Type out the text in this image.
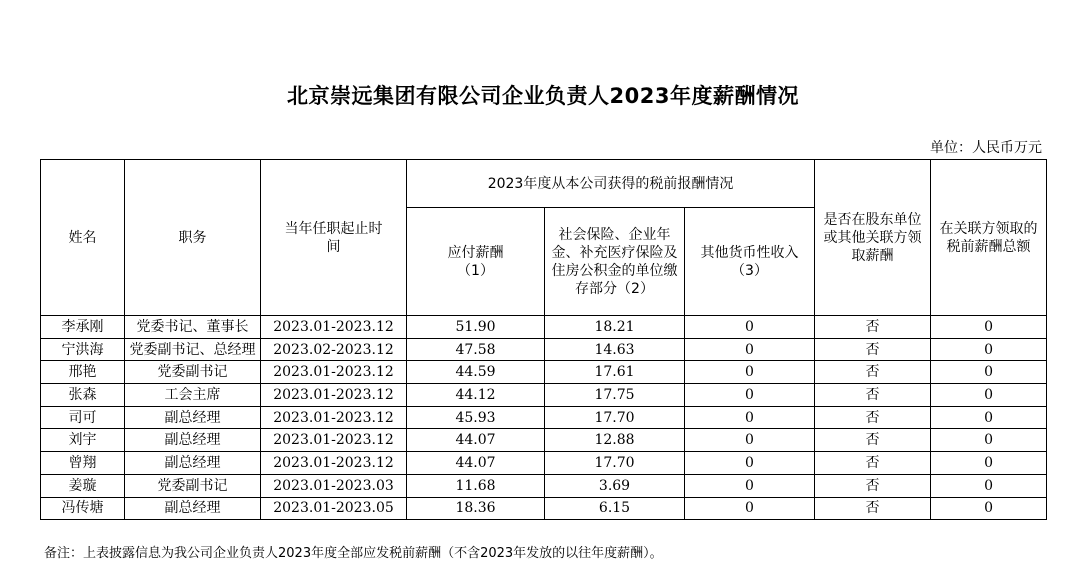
北京崇远集团有限公司企业负责人2023年度薪酬情况
单位：人民币万元
姓名	职务	当年任职起止时间	2023年度从本公司获得的税前报酬情况			是否在股东单位或其他关联方领取薪酬	在关联方领取的税前薪酬总额
			应付薪酬（1）	社会保险、企业年金、补充医疗保险及住房公积金的单位缴存部分（2）	其他货币性收入（3）		
李承刚	党委书记、董事长	2023.01-2023.12	51.90	18.21	0	否	0
宁洪海	党委副书记、总经理	2023.02-2023.12	47.58	14.63	0	否	0
邢艳	党委副书记	2023.01-2023.12	44.59	17.61	0	否	0
张森	工会主席	2023.01-2023.12	44.12	17.75	0	否	0
司可	副总经理	2023.01-2023.12	45.93	17.70	0	否	0
刘宇	副总经理	2023.01-2023.12	44.07	12.88	0	否	0
曾翔	副总经理	2023.01-2023.12	44.07	17.70	0	否	0
姜璇	党委副书记	2023.01-2023.03	11.68	3.69	0	否	0
冯传塘	副总经理	2023.01-2023.05	18.36	6.15	0	否	0
备注：上表披露信息为我公司企业负责人2023年度全部应发税前薪酬（不含2023年发放的以往年度薪酬）。
